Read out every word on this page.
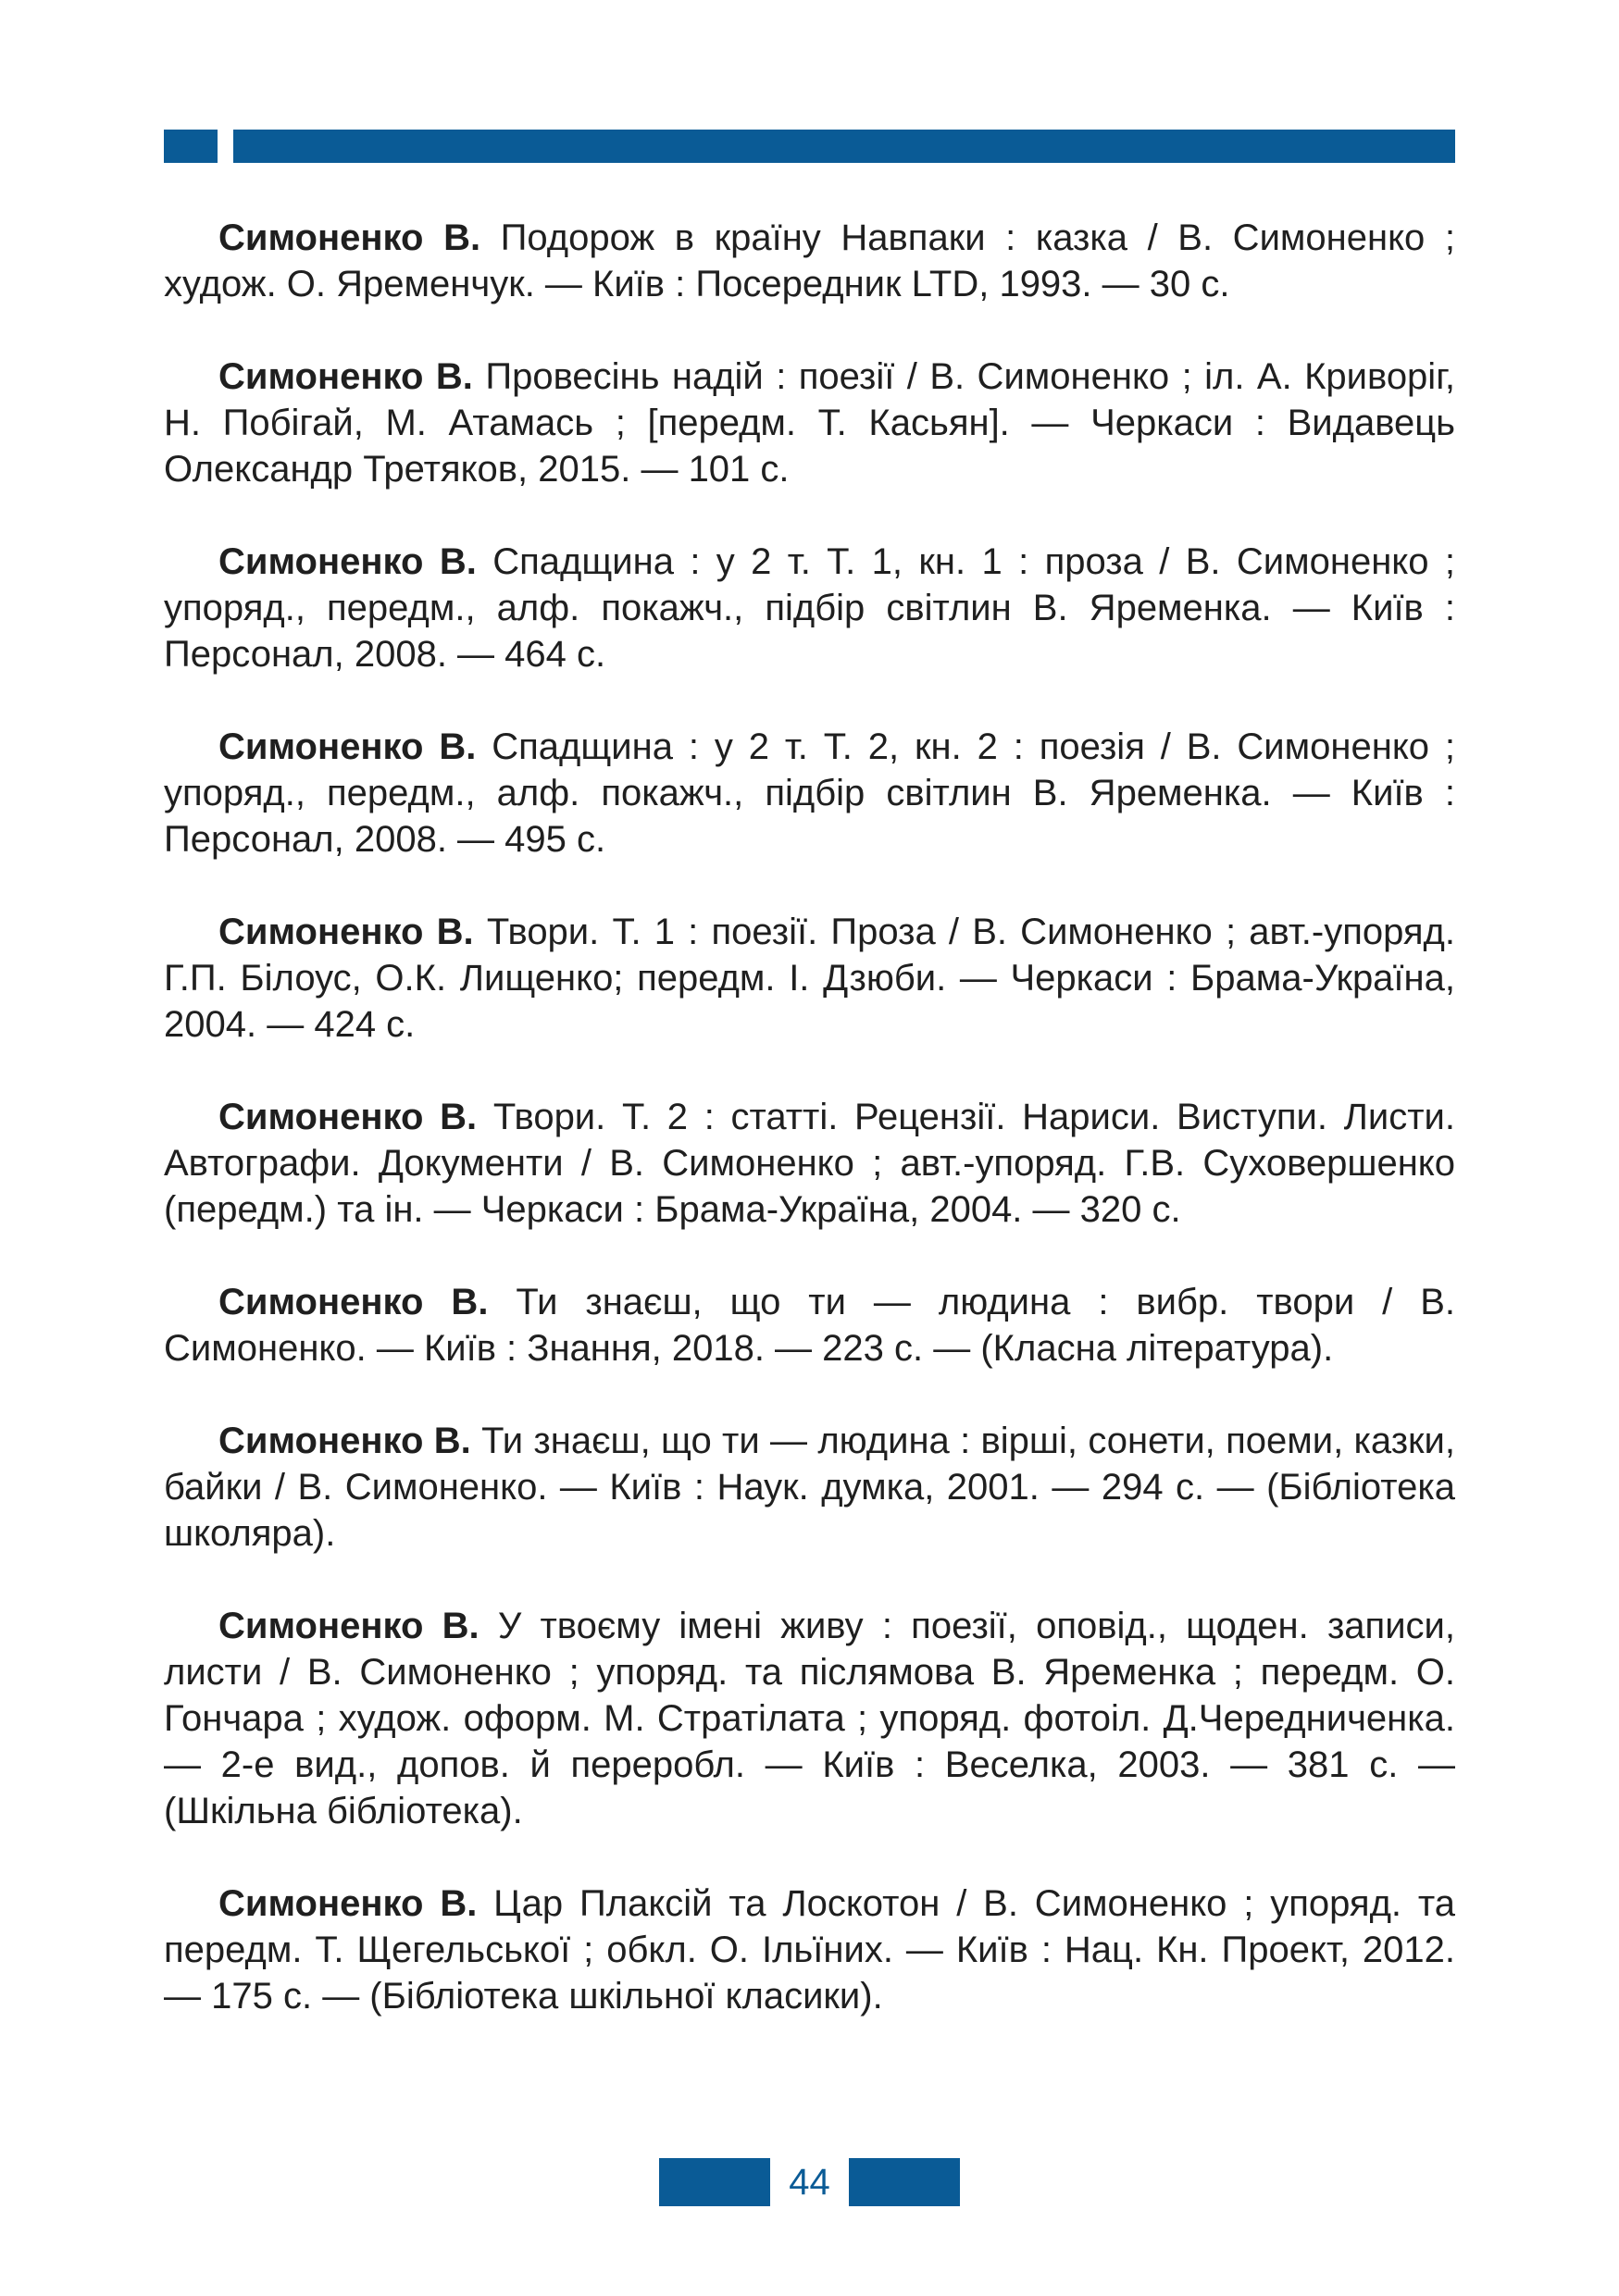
Симоненко В. Подорож в країну Навпаки : казка / В. Симоненко ; худож. О. Яременчук. — Київ : Посередник LTD, 1993. — 30 с.

Симоненко В. Провесінь надій : поезії / В. Симоненко ; іл. А. Криворіг, Н. Побігай, М. Атамась ; [передм. Т. Касьян]. — Черкаси : Видавець Олександр Третяков, 2015. — 101 с.

Симоненко В. Спадщина : у 2 т. Т. 1, кн. 1 : проза / В. Симоненко ; упоряд., передм., алф. покажч., підбір світлин В. Яременка. — Київ : Персонал, 2008. — 464 с.

Симоненко В. Спадщина : у 2 т. Т. 2, кн. 2 : поезія / В. Симоненко ; упоряд., передм., алф. покажч., підбір світлин В. Яременка. — Київ : Персонал, 2008. — 495 с.

Симоненко В. Твори. Т. 1 : поезії. Проза / В. Симоненко ; авт.-упоряд. Г.П. Білоус, О.К. Лищенко; передм. І. Дзюби. — Черкаси : Брама-Україна, 2004. — 424 с.

Симоненко В. Твори. Т. 2 : статті. Рецензії. Нариси. Виступи. Листи. Автографи. Документи / В. Симоненко ; авт.-упоряд. Г.В. Суховершенко (передм.) та ін. — Черкаси : Брама-Україна, 2004. — 320 с.

Симоненко В. Ти знаєш, що ти — людина : вибр. твори / В. Симоненко. — Київ : Знання, 2018. — 223 с. — (Класна література).

Симоненко В. Ти знаєш, що ти — людина : вірші, сонети, поеми, казки, байки / В. Симоненко. — Київ : Наук. думка, 2001. — 294 с. — (Бібліотека школяра).

Симоненко В. У твоєму імені живу : поезії, оповід., щоден. записи, листи / В. Симоненко ; упоряд. та післямова В. Яременка ; передм. О. Гончара ; худож. оформ. М. Стратілата ; упоряд. фотоіл. Д.Чередниченка. — 2-е вид., допов. й переробл. — Київ : Веселка, 2003. — 381 с. — (Шкільна бібліотека).

Симоненко В. Цар Плаксій та Лоскотон / В. Симоненко ; упоряд. та передм. Т. Щегельської ; обкл. О. Ільїних. — Київ : Нац. Кн. Проект, 2012. — 175 с. — (Бібліотека шкільної класики).

44
